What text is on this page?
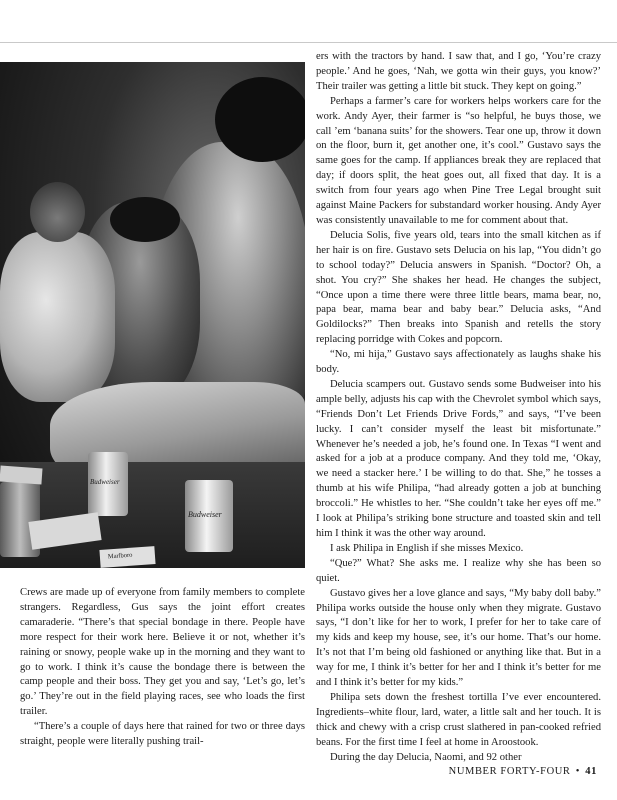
Budweiser
Budweiser
Marlboro

Crews are made up of everyone from family members to complete strangers. Regardless, Gus says the joint effort creates camaraderie. “There’s that special bondage in there. People have more respect for their work here. Believe it or not, whether it’s raining or snowy, people wake up in the morning and they want to go to work. I think it’s cause the bondage there is between the camp people and their boss. They get you and say, ‘Let’s go, let’s go.’ They’re out in the field playing races, see who loads the first trailer.

“There’s a couple of days here that rained for two or three days straight, people were literally pushing trail-

ers with the tractors by hand. I saw that, and I go, ‘You’re crazy people.’ And he goes, ‘Nah, we gotta win their guys, you know?’ Their trailer was getting a little bit stuck. They kept on going.”

Perhaps a farmer’s care for workers helps workers care for the work. Andy Ayer, their farmer is “so helpful, he buys those, we call ’em ‘banana suits’ for the showers. Tear one up, throw it down on the floor, burn it, get another one, it’s cool.” Gustavo says the same goes for the camp. If appliances break they are replaced that day; if doors split, the heat goes out, all fixed that day. It is a switch from four years ago when Pine Tree Legal brought suit against Maine Packers for substandard worker housing. Andy Ayer was consistently unavailable to me for comment about that.

Delucia Solis, five years old, tears into the small kitchen as if her hair is on fire. Gustavo sets Delucia on his lap, “You didn’t go to school today?” Delucia answers in Spanish. “Doctor? Oh, a shot. You cry?” She shakes her head. He changes the subject, “Once upon a time there were three little bears, mama bear, no, papa bear, mama bear and baby bear.” Delucia asks, “And Goldilocks?” Then breaks into Spanish and retells the story replacing porridge with Cokes and popcorn.

“No, mi hija,” Gustavo says affectionately as laughs shake his body.

Delucia scampers out. Gustavo sends some Budweiser into his ample belly, adjusts his cap with the Chevrolet symbol which says, “Friends Don’t Let Friends Drive Fords,” and says, “I’ve been lucky. I can’t consider myself the least bit misfortunate.” Whenever he’s needed a job, he’s found one. In Texas “I went and asked for a job at a produce company. And they told me, ‘Okay, we need a stacker here.’ I be willing to do that. She,” he tosses a thumb at his wife Philipa, “had already gotten a job at bunching broccoli.” He whistles to her. “She couldn’t take her eyes off me.” I look at Philipa’s striking bone structure and toasted skin and tell him I think it was the other way around.

I ask Philipa in English if she misses Mexico.

“Que?” What? She asks me. I realize why she has been so quiet.

Gustavo gives her a love glance and says, “My baby doll baby.” Philipa works outside the house only when they migrate. Gustavo says, “I don’t like for her to work, I prefer for her to take care of my kids and keep my house, see, it’s our home. That’s our home. It’s not that I’m being old fashioned or anything like that. But in a way for me, I think it’s better for her and I think it’s better for me and I think it’s better for my kids.”

Philipa sets down the freshest tortilla I’ve ever encountered. Ingredients–white flour, lard, water, a little salt and her touch. It is thick and chewy with a crisp crust slathered in pan-cooked refried beans. For the first time I feel at home in Aroostook.

During the day Delucia, Naomi, and 92 other

NUMBER FORTY-FOUR • 41
